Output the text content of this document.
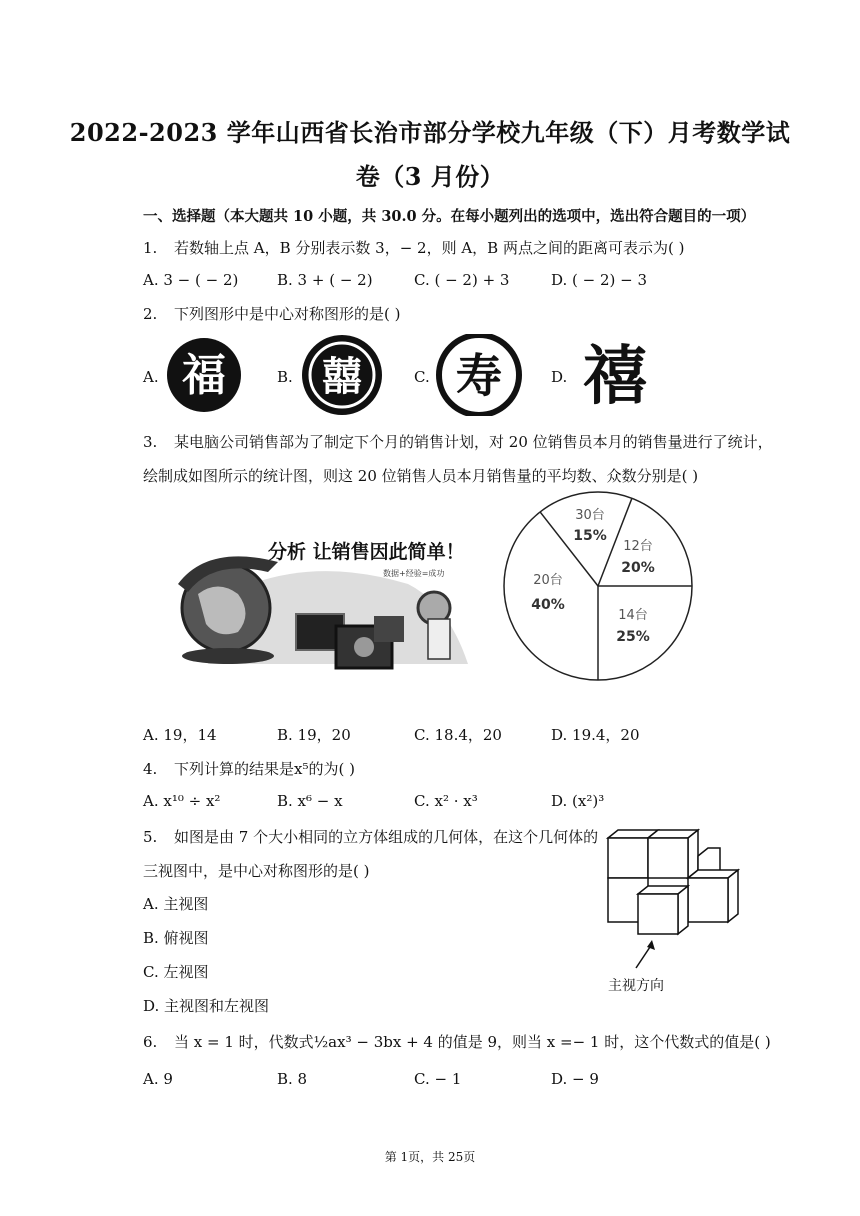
2022-2023 学年山西省长治市部分学校九年级（下）月考数学试
卷（3 月份）
一、选择题（本大题共 10 小题，共 30.0 分。在每小题列出的选项中，选出符合题目的一项）
1. 若数轴上点 A，B 分别表示数 3，− 2，则 A，B 两点之间的距离可表示为( )
A. 3 − ( − 2)	B. 3 + ( − 2)	C. ( − 2) + 3	D. ( − 2) − 3
2. 下列图形中是中心对称图形的是( )
A.	B.	C.	D.
福 囍 寿 禧
3. 某电脑公司销售部为了制定下个月的销售计划，对 20 位销售员本月的销售量进行了统计，
绘制成如图所示的统计图，则这 20 位销售人员本月销售量的平均数、众数分别是( )
分析 让销售因此简单！
数据+经验=成功
30台
15%
12台
20%
14台
25%
20台
40%
A. 19，14	B. 19，20	C. 18.4，20	D. 19.4，20
4. 下列计算的结果是x⁵的为( )
A. x¹⁰ ÷ x²	B. x⁶ − x	C. x² · x³	D. (x²)³
5. 如图是由 7 个大小相同的立方体组成的几何体，在这个几何体的
三视图中，是中心对称图形的是( )
A. 主视图
B. 俯视图
C. 左视图
D. 主视图和左视图
主视方向
6. 当 x = 1 时，代数式½ax³ − 3bx + 4 的值是 9，则当 x =− 1 时，这个代数式的值是( )
A. 9	B. 8	C. − 1	D. − 9
第 1页，共 25页
